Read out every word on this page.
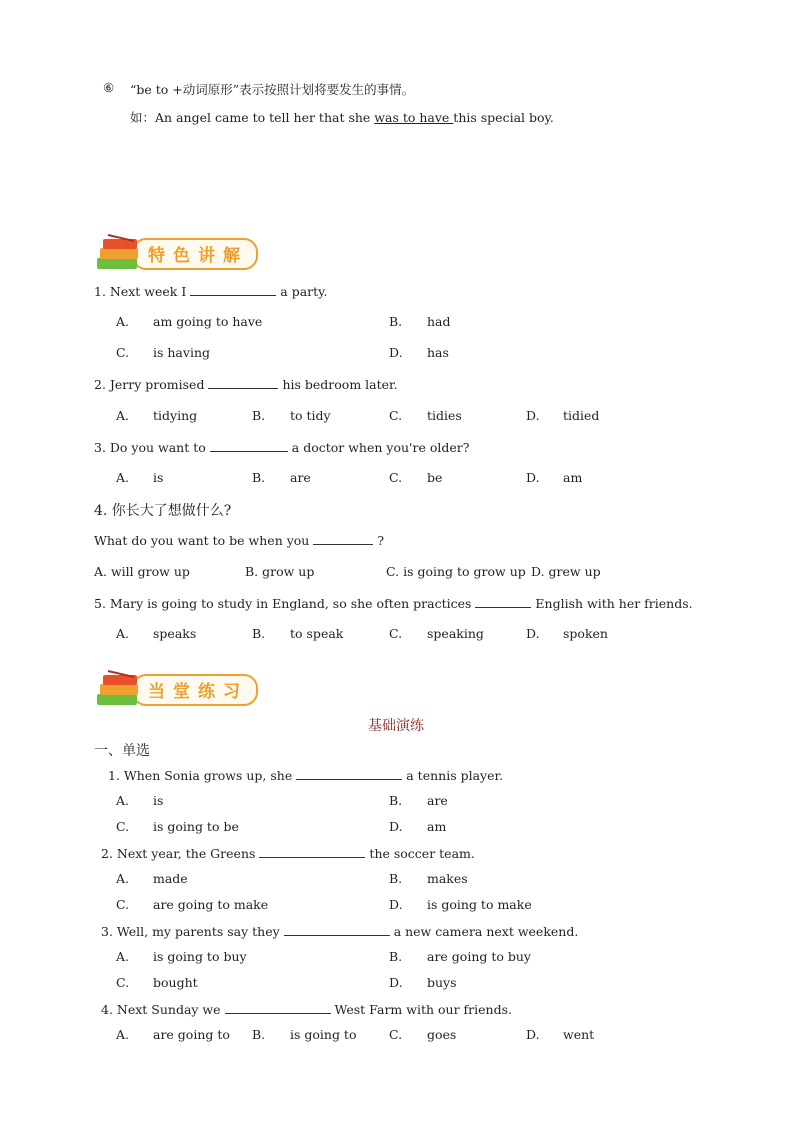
⑥ “be to +动词原形”表示按照计划将要发生的事情。
如：An angel came to tell her that she was to have this special boy.
特色讲解
1. Next week I	a party.
A. am going to have	B. had
C. is having	D. has
2. Jerry promised	his bedroom later.
A. tidying	B. to tidy	C. tidies	D. tidied
3. Do you want to	a doctor when you're older?
A. is	B. are	C. be	D. am
4. 你长大了想做什么?
What do you want to be when you	?
A. will grow up	B. grow up	C. is going to grow up D. grew up
5. Mary is going to study in England, so she often practices	English with her friends.
A. speaks	B. to speak	C. speaking	D. spoken
当堂练习
基础演练
一、单选
1. When Sonia grows up, she	a tennis player.
A. is	B. are
C. is going to be	D. am
2. Next year, the Greens	the soccer team.
A. made	B. makes
C. are going to make	D. is going to make
3. Well, my parents say they	a new camera next weekend.
A. is going to buy	B. are going to buy
C. bought	D. buys
4. Next Sunday we	West Farm with our friends.
A. are going to B. is going to	C. goes	D. went
